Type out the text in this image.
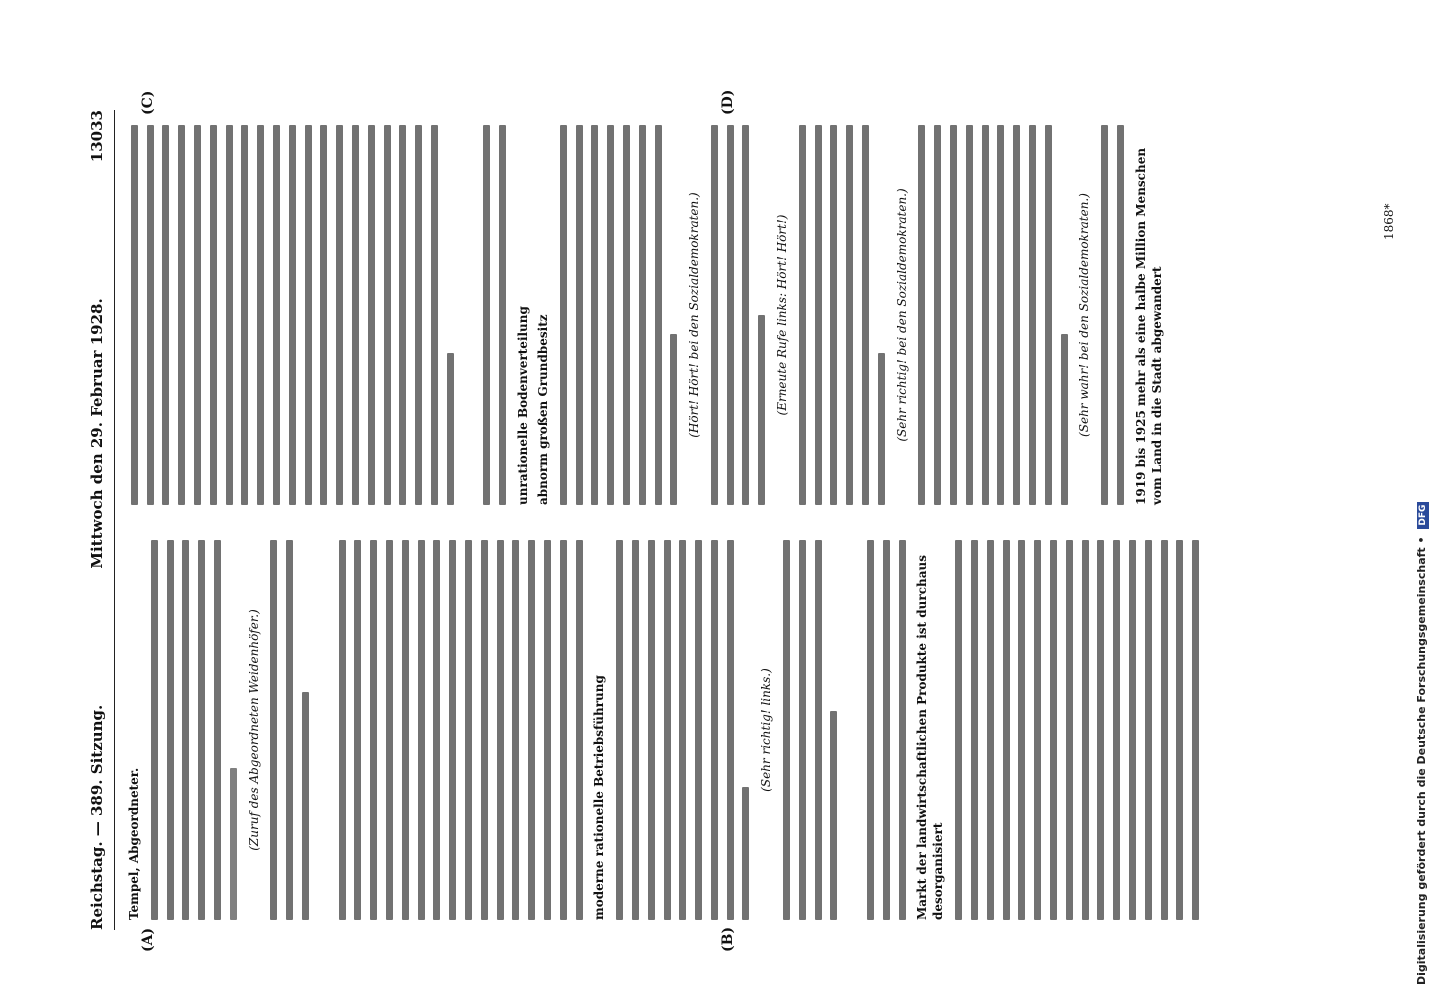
Reichstag. — 389. Sitzung.
Mittwoch den 29. Februar 1928.
13033
(A)	(B)
(C)	(D)
Tempel, Abgeordneter.	(Zuruf des Abgeordneten Weidenhöfer.)	moderne rationelle Betriebsführung	(Sehr richtig! links.)	Markt der landwirtschaftlichen Produkte ist durchaus desorganisiert
unrationelle Bodenverteilung abnorm großen Grundbesitz	(Hört! Hört! bei den Sozialdemokraten.)	(Erneute Rufe links: Hört! Hört!)	(Sehr richtig! bei den Sozialdemokraten.)	(Sehr wahr! bei den Sozialdemokraten.)	1919 bis 1925 mehr als eine halbe Million Menschen vom Land in die Stadt abgewandert
1868*
Digitalisierung gefördert durch die Deutsche Forschungsgemeinschaft • DFG
